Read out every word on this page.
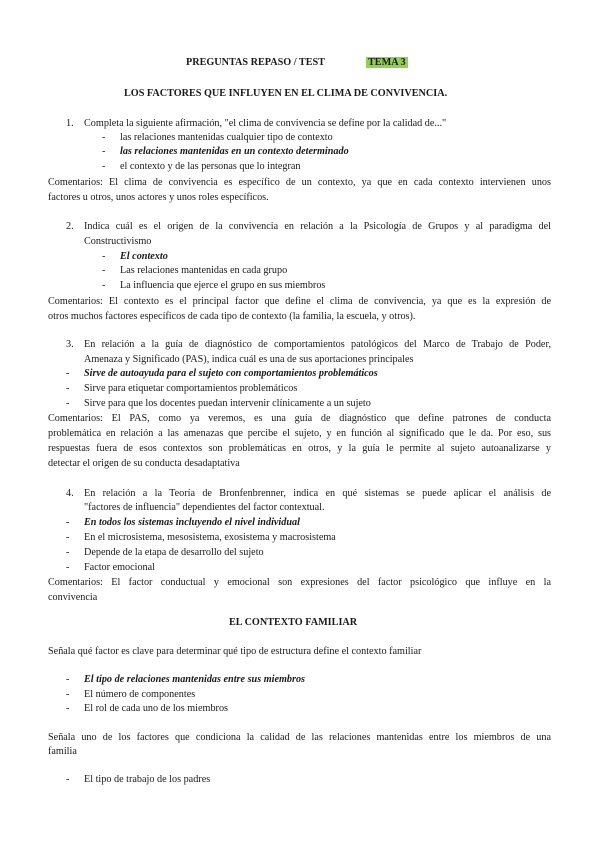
PREGUNTAS REPASO / TEST	TEMA 3
LOS FACTORES QUE INFLUYEN EN EL CLIMA DE CONVIVENCIA.
1. Completa la siguiente afirmación, "el clima de convivencia se define por la calidad de..."
- las relaciones mantenidas cualquier tipo de contexto
- las relaciones mantenidas en un contexto determinado
- el contexto y de las personas que lo integran
Comentarios: El clima de convivencia es específico de un contexto, ya que en cada contexto intervienen unos
factores u otros, unos actores y unos roles específicos.
2. Indica cuál es el origen de la convivencia en relación a la Psicología de Grupos y al paradigma del
Constructivismo
- El contexto
- Las relaciones mantenidas en cada grupo
- La influencia que ejerce el grupo en sus miembros
Comentarios: El contexto es el principal factor que define el clima de convivencia, ya que es la expresión de
otros muchos factores específicos de cada tipo de contexto (la familia, la escuela, y otros).
3. En relación a la guía de diagnóstico de comportamientos patológicos del Marco de Trabajo de Poder,
Amenaza y Significado (PAS), indica cuál es una de sus aportaciones principales
- Sirve de autoayuda para el sujeto con comportamientos problemáticos
- Sirve para etiquetar comportamientos problemáticos
- Sirve para que los docentes puedan intervenir clínicamente a un sujeto
Comentarios: El PAS, como ya veremos, es una guía de diagnóstico que define patrones de conducta
problemática en relación a las amenazas que percibe el sujeto, y en función al significado que le da. Por eso, sus
respuestas fuera de esos contextos son problemáticas en otros, y la guía le permite al sujeto autoanalizarse y
detectar el origen de su conducta desadaptativa
4. En relación a la Teoría de Bronfenbrenner, indica en qué sistemas se puede aplicar el análisis de
"factores de influencia" dependientes del factor contextual.
- En todos los sistemas incluyendo el nivel individual
- En el microsistema, mesosistema, exosistema y macrosistema
- Depende de la etapa de desarrollo del sujeto
- Factor emocional
Comentarios: El factor conductual y emocional son expresiones del factor psicológico que influye en la
convivencia
EL CONTEXTO FAMILIAR
Señala qué factor es clave para determinar qué tipo de estructura define el contexto familiar
- El tipo de relaciones mantenidas entre sus miembros
- El número de componentes
- El rol de cada uno de los miembros
Señala uno de los factores que condiciona la calidad de las relaciones mantenidas entre los miembros de una
familia
- El tipo de trabajo de los padres
